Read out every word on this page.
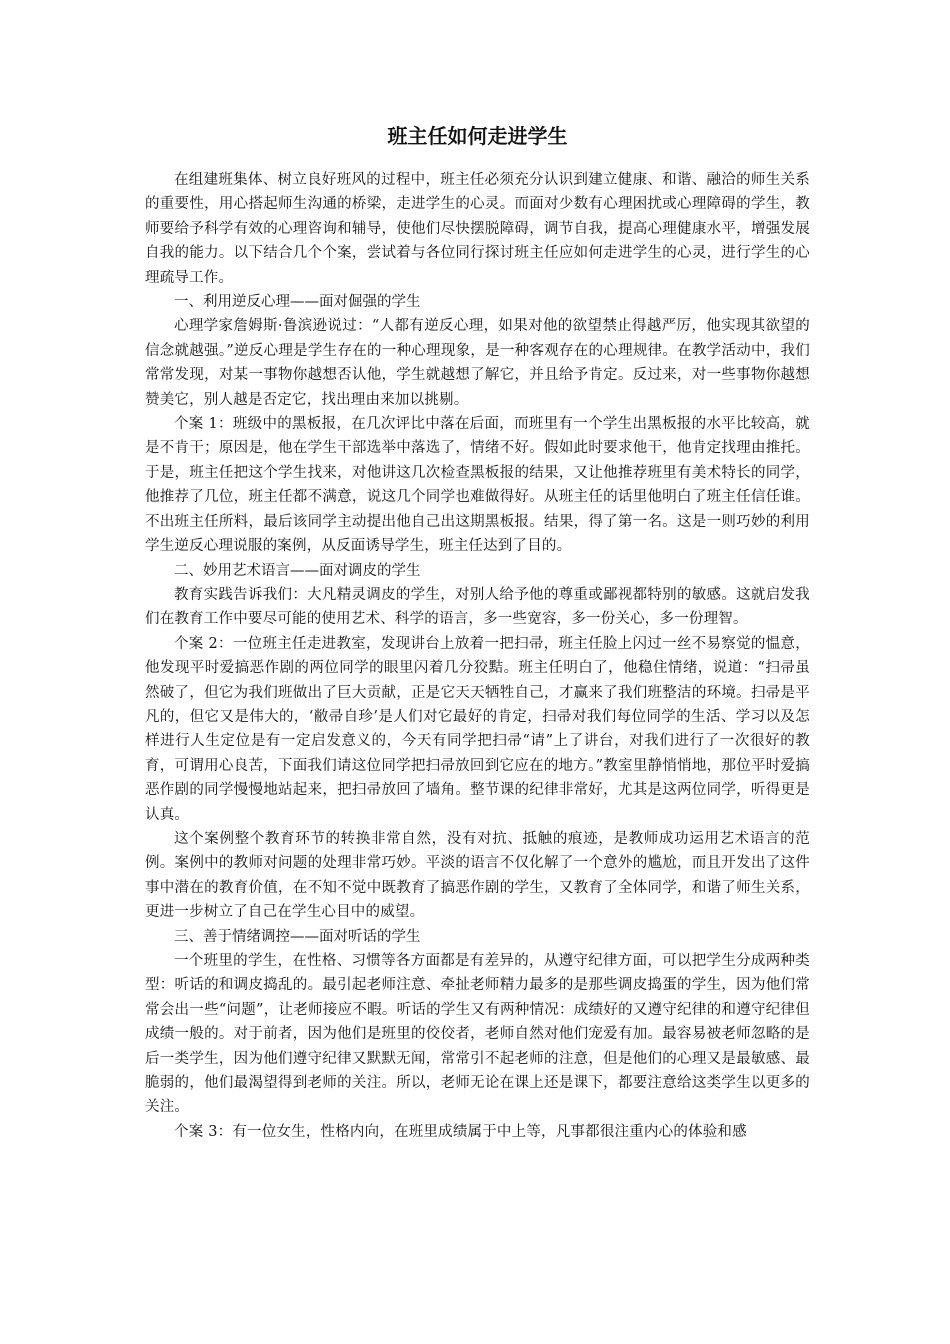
班主任如何走进学生

在组建班集体、树立良好班风的过程中，班主任必须充分认识到建立健康、和谐、融洽的师生关系的重要性，用心搭起师生沟通的桥梁，走进学生的心灵。而面对少数有心理困扰或心理障碍的学生，教师要给予科学有效的心理咨询和辅导，使他们尽快摆脱障碍，调节自我，提高心理健康水平，增强发展自我的能力。以下结合几个个案，尝试着与各位同行探讨班主任应如何走进学生的心灵，进行学生的心理疏导工作。

一、利用逆反心理——面对倔强的学生

心理学家詹姆斯·鲁滨逊说过：“人都有逆反心理，如果对他的欲望禁止得越严厉，他实现其欲望的信念就越强。”逆反心理是学生存在的一种心理现象，是一种客观存在的心理规律。在教学活动中，我们常常发现，对某一事物你越想否认他，学生就越想了解它，并且给予肯定。反过来，对一些事物你越想赞美它，别人越是否定它，找出理由来加以挑剔。

个案 1：班级中的黑板报，在几次评比中落在后面，而班里有一个学生出黑板报的水平比较高，就是不肯干；原因是，他在学生干部选举中落选了，情绪不好。假如此时要求他干，他肯定找理由推托。于是，班主任把这个学生找来，对他讲这几次检查黑板报的结果，又让他推荐班里有美术特长的同学，他推荐了几位，班主任都不满意，说这几个同学也难做得好。从班主任的话里他明白了班主任信任谁。不出班主任所料，最后该同学主动提出他自己出这期黑板报。结果，得了第一名。这是一则巧妙的利用学生逆反心理说服的案例，从反面诱导学生，班主任达到了目的。

二、妙用艺术语言——面对调皮的学生

教育实践告诉我们：大凡精灵调皮的学生，对别人给予他的尊重或鄙视都特别的敏感。这就启发我们在教育工作中要尽可能的使用艺术、科学的语言，多一些宽容，多一份关心，多一份理智。

个案 2：一位班主任走进教室，发现讲台上放着一把扫帚，班主任脸上闪过一丝不易察觉的愠意，他发现平时爱搞恶作剧的两位同学的眼里闪着几分狡黠。班主任明白了，他稳住情绪，说道：“扫帚虽然破了，但它为我们班做出了巨大贡献，正是它天天牺牲自己，才赢来了我们班整洁的环境。扫帚是平凡的，但它又是伟大的，‘敝帚自珍’是人们对它最好的肯定，扫帚对我们每位同学的生活、学习以及怎样进行人生定位是有一定启发意义的，今天有同学把扫帚“请”上了讲台，对我们进行了一次很好的教育，可谓用心良苦，下面我们请这位同学把扫帚放回到它应在的地方。”教室里静悄悄地，那位平时爱搞恶作剧的同学慢慢地站起来，把扫帚放回了墙角。整节课的纪律非常好，尤其是这两位同学，听得更是认真。

这个案例整个教育环节的转换非常自然，没有对抗、抵触的痕迹，是教师成功运用艺术语言的范例。案例中的教师对问题的处理非常巧妙。平淡的语言不仅化解了一个意外的尴尬，而且开发出了这件事中潜在的教育价值，在不知不觉中既教育了搞恶作剧的学生，又教育了全体同学，和谐了师生关系，更进一步树立了自己在学生心目中的威望。

三、善于情绪调控——面对听话的学生

一个班里的学生，在性格、习惯等各方面都是有差异的，从遵守纪律方面，可以把学生分成两种类型：听话的和调皮捣乱的。最引起老师注意、牵扯老师精力最多的是那些调皮捣蛋的学生，因为他们常常会出一些“问题”，让老师接应不暇。听话的学生又有两种情况：成绩好的又遵守纪律的和遵守纪律但成绩一般的。对于前者，因为他们是班里的佼佼者，老师自然对他们宠爱有加。最容易被老师忽略的是后一类学生，因为他们遵守纪律又默默无闻，常常引不起老师的注意，但是他们的心理又是最敏感、最脆弱的，他们最渴望得到老师的关注。所以，老师无论在课上还是课下，都要注意给这类学生以更多的关注。

个案 3：有一位女生，性格内向，在班里成绩属于中上等，凡事都很注重内心的体验和感
